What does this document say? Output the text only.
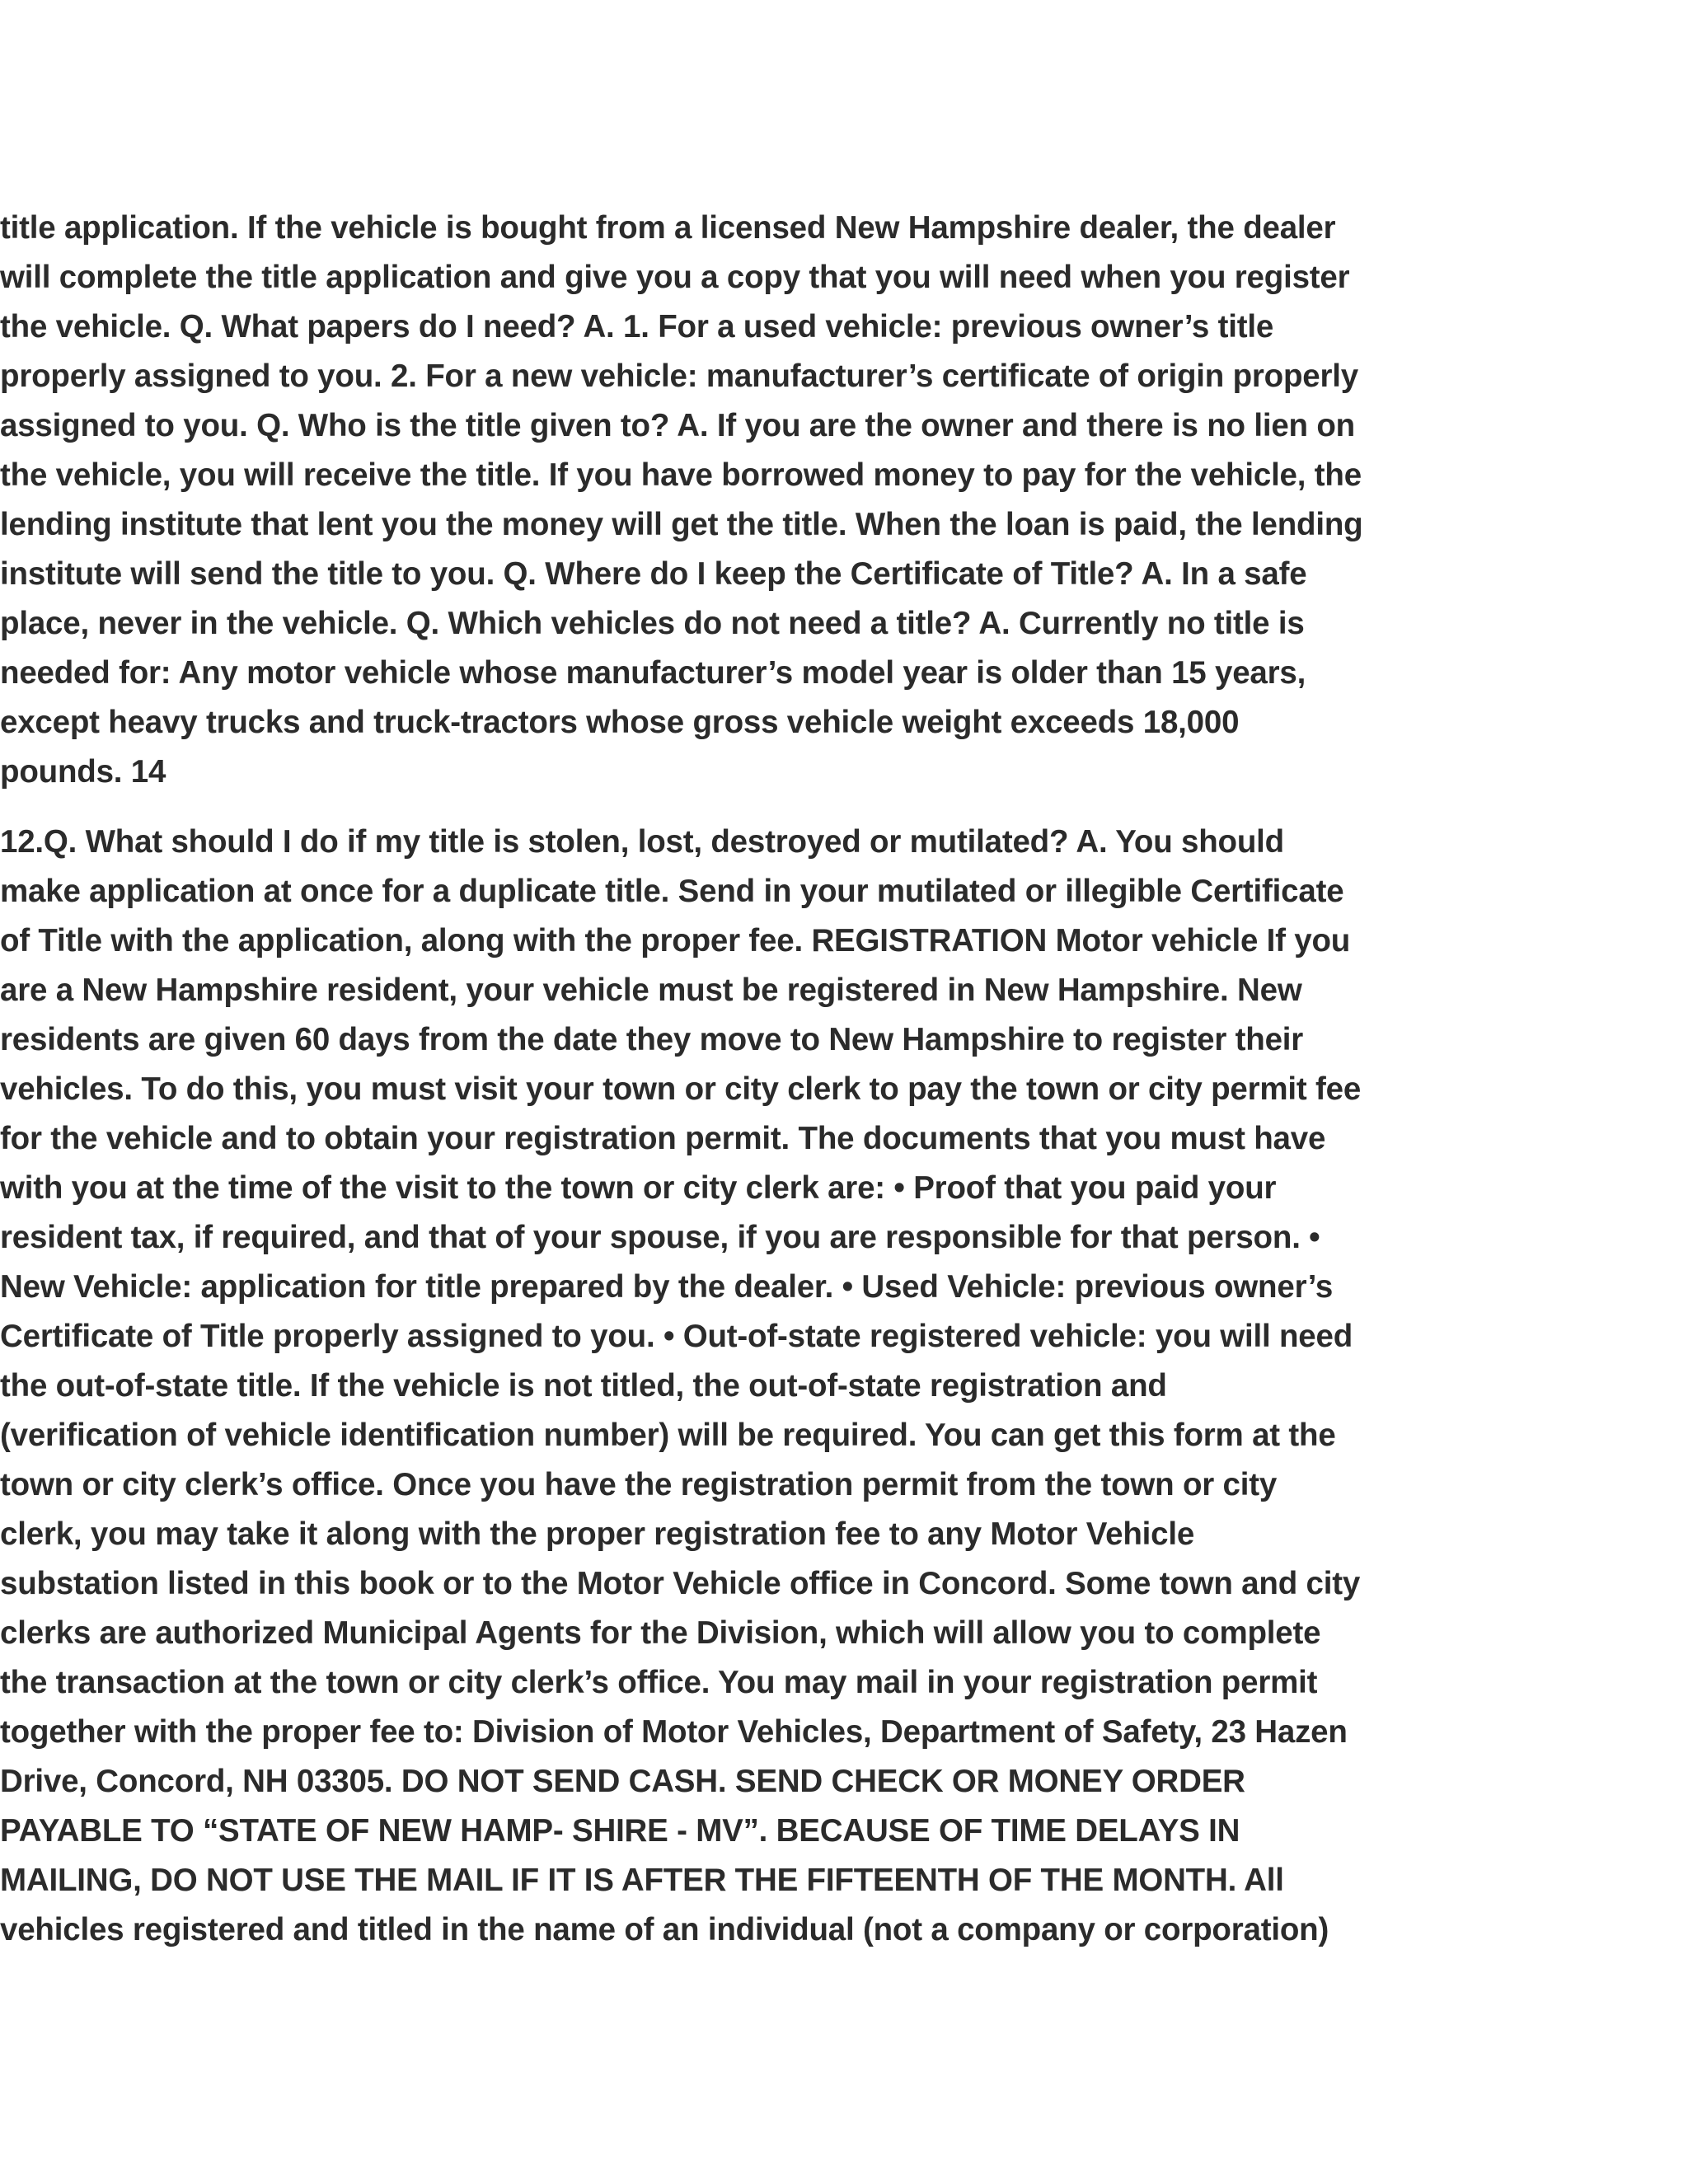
title application. If the vehicle is bought from a licensed New Hampshire dealer, the dealer
will complete the title application and give you a copy that you will need when you register
the vehicle. Q. What papers do I need? A. 1. For a used vehicle: previous owner’s title
properly assigned to you. 2. For a new vehicle: manufacturer’s certificate of origin properly
assigned to you. Q. Who is the title given to? A. If you are the owner and there is no lien on
the vehicle, you will receive the title. If you have borrowed money to pay for the vehicle, the
lending institute that lent you the money will get the title. When the loan is paid, the lending
institute will send the title to you. Q. Where do I keep the Certificate of Title? A. In a safe
place, never in the vehicle. Q. Which vehicles do not need a title? A. Currently no title is
needed for: Any motor vehicle whose manufacturer’s model year is older than 15 years,
except heavy trucks and truck-tractors whose gross vehicle weight exceeds 18,000
pounds. 14

12.Q. What should I do if my title is stolen, lost, destroyed or mutilated? A. You should
make application at once for a duplicate title. Send in your mutilated or illegible Certificate
of Title with the application, along with the proper fee. REGISTRATION Motor vehicle If you
are a New Hampshire resident, your vehicle must be registered in New Hampshire. New
residents are given 60 days from the date they move to New Hampshire to register their
vehicles. To do this, you must visit your town or city clerk to pay the town or city permit fee
for the vehicle and to obtain your registration permit. The documents that you must have
with you at the time of the visit to the town or city clerk are: • Proof that you paid your
resident tax, if required, and that of your spouse, if you are responsible for that person. •
New Vehicle: application for title prepared by the dealer. • Used Vehicle: previous owner’s
Certificate of Title properly assigned to you. • Out-of-state registered vehicle: you will need
the out-of-state title. If the vehicle is not titled, the out-of-state registration and
(verification of vehicle identification number) will be required. You can get this form at the
town or city clerk’s office. Once you have the registration permit from the town or city
clerk, you may take it along with the proper registration fee to any Motor Vehicle
substation listed in this book or to the Motor Vehicle office in Concord. Some town and city
clerks are authorized Municipal Agents for the Division, which will allow you to complete
the transaction at the town or city clerk’s office. You may mail in your registration permit
together with the proper fee to: Division of Motor Vehicles, Department of Safety, 23 Hazen
Drive, Concord, NH 03305. DO NOT SEND CASH. SEND CHECK OR MONEY ORDER
PAYABLE TO “STATE OF NEW HAMP- SHIRE - MV”. BECAUSE OF TIME DELAYS IN
MAILING, DO NOT USE THE MAIL IF IT IS AFTER THE FIFTEENTH OF THE MONTH. All
vehicles registered and titled in the name of an individual (not a company or corporation)
